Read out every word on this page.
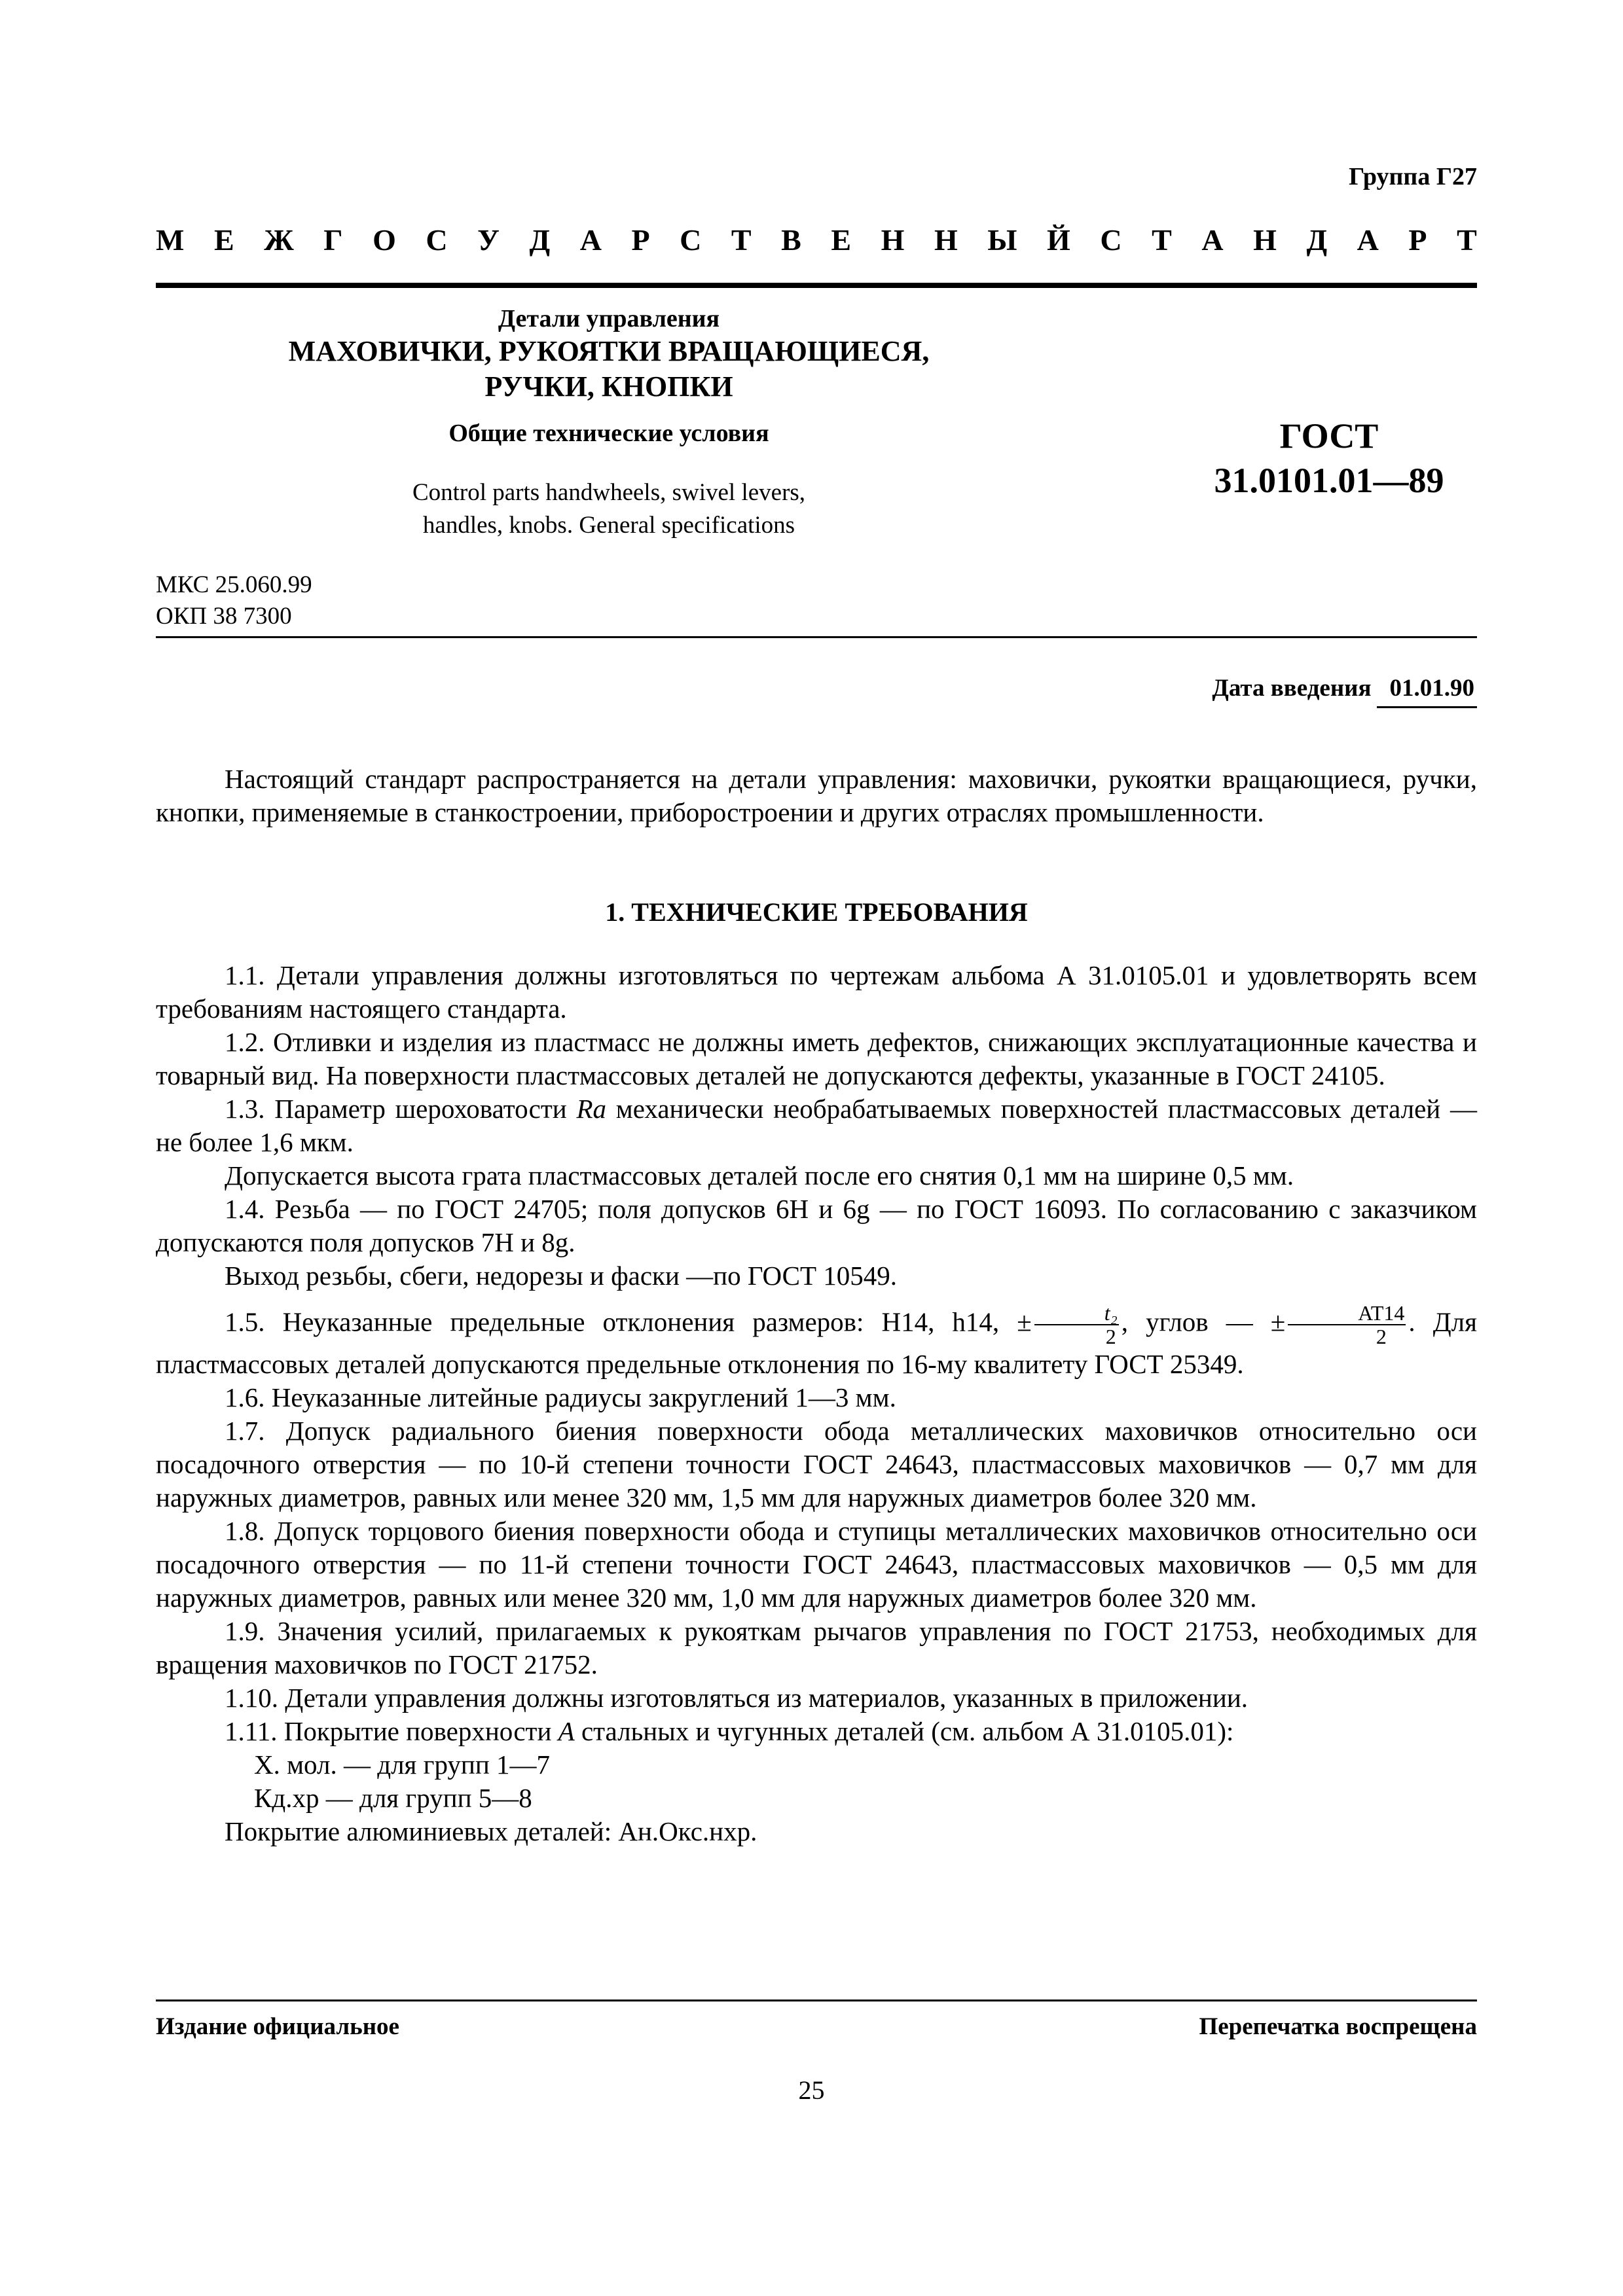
Группа Г27
М Е Ж Г О С У Д А Р С Т В Е Н Н Ы Й С Т А Н Д А Р Т
Детали управления
МАХОВИЧКИ, РУКОЯТКИ ВРАЩАЮЩИЕСЯ,
РУЧКИ, КНОПКИ
Общие технические условия
Control parts handwheels, swivel levers,
handles, knobs. General specifications
ГОСТ
31.0101.01—89
МКС 25.060.99
ОКП 38 7300
Дата введения 01.01.90

Настоящий стандарт распространяется на детали управления: маховички, рукоятки вращающиеся, ручки, кнопки, применяемые в станкостроении, приборостроении и других отраслях промышленности.

1. ТЕХНИЧЕСКИЕ ТРЕБОВАНИЯ

1.1. Детали управления должны изготовляться по чертежам альбома А 31.0105.01 и удовлетворять всем требованиям настоящего стандарта.

1.2. Отливки и изделия из пластмасс не должны иметь дефектов, снижающих эксплуатационные качества и товарный вид. На поверхности пластмассовых деталей не допускаются дефекты, указанные в ГОСТ 24105.

1.3. Параметр шероховатости Ra механически необрабатываемых поверхностей пластмассовых деталей — не более 1,6 мкм.

Допускается высота грата пластмассовых деталей после его снятия 0,1 мм на ширине 0,5 мм.

1.4. Резьба — по ГОСТ 24705; поля допусков 6H и 6g — по ГОСТ 16093. По согласованию с заказчиком допускаются поля допусков 7H и 8g.

Выход резьбы, сбеги, недорезы и фаски —по ГОСТ 10549.

1.5. Неуказанные предельные отклонения размеров: H14, h14, ± $\frac{\text{t₂}}{2}$ , углов — ± $\frac{AT14}{2}$ . Для пластмассовых деталей допускаются предельные отклонения по 16-му квалитету ГОСТ 25349.

1.6. Неуказанные литейные радиусы закруглений 1—3 мм.

1.7. Допуск радиального биения поверхности обода металлических маховичков относительно оси посадочного отверстия — по 10-й степени точности ГОСТ 24643, пластмассовых маховичков — 0,7 мм для наружных диаметров, равных или менее 320 мм, 1,5 мм для наружных диаметров более 320 мм.

1.8. Допуск торцового биения поверхности обода и ступицы металлических маховичков относительно оси посадочного отверстия — по 11-й степени точности ГОСТ 24643, пластмассовых маховичков — 0,5 мм для наружных диаметров, равных или менее 320 мм, 1,0 мм для наружных диаметров более 320 мм.

1.9. Значения усилий, прилагаемых к рукояткам рычагов управления по ГОСТ 21753, необходимых для вращения маховичков по ГОСТ 21752.

1.10. Детали управления должны изготовляться из материалов, указанных в приложении.

1.11. Покрытие поверхности А стальных и чугунных деталей (см. альбом А 31.0105.01):

Х. мол. — для групп 1—7

Кд.хр — для групп 5—8

Покрытие алюминиевых деталей: Ан.Окс.нхр.

Издание официальное	Перепечатка воспрещена
25
